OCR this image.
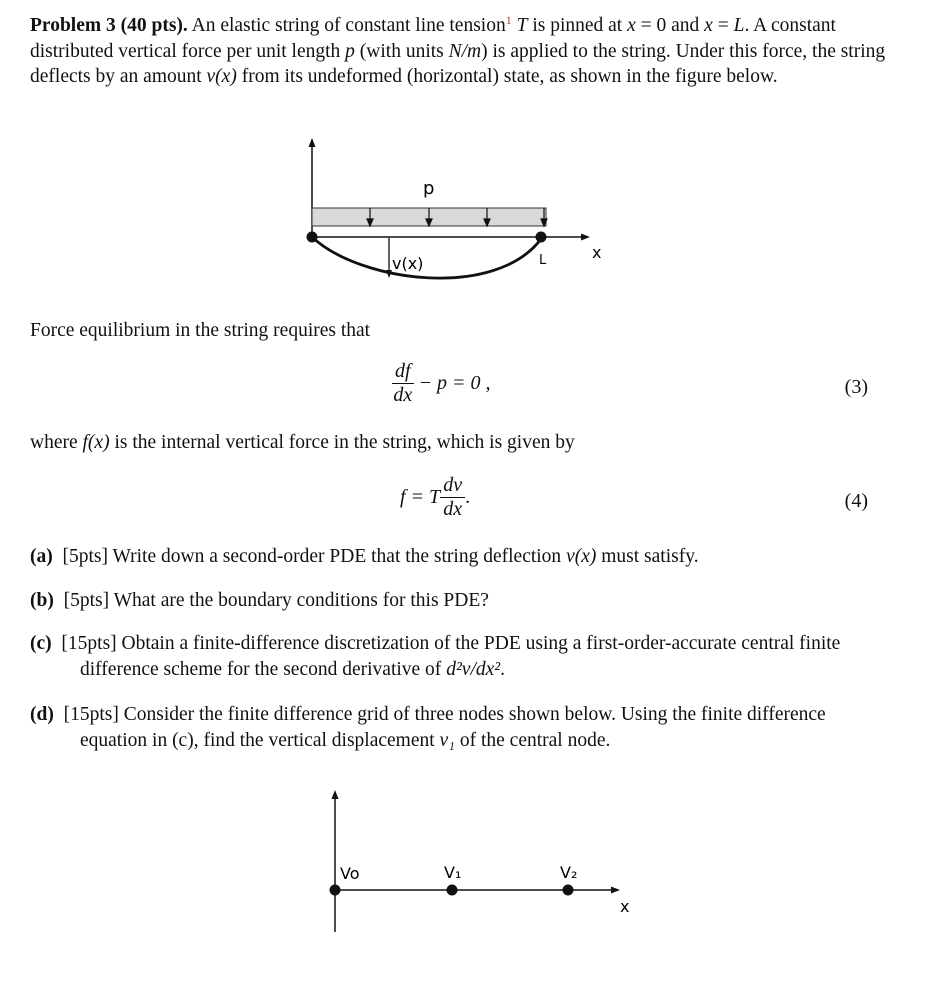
Problem 3 (40 pts). An elastic string of constant line tension$^1$ T is pinned at x = 0 and x = L. A constant distributed vertical force per unit length p (with units N/m) is applied to the string. Under this force, the string deflects by an amount v(x) from its undeformed (horizontal) state, as shown in the figure below.

p
x
v(x)	L

Force equilibrium in the string requires that

$\frac{df}{dx} - p = 0$ ,	(3)

where f(x) is the internal vertical force in the string, which is given by

f = T $\frac{dv}{dx}$ .	(4)
(a) [5pts] Write down a second-order PDE that the string deflection v(x) must satisfy.
(b) [5pts] What are the boundary conditions for this PDE?
(c) [15pts] Obtain a finite-difference discretization of the PDE using a first-order-accurate central finite difference scheme for the second derivative of d²v/dx².
(d) [15pts] Consider the finite difference grid of three nodes shown below. Using the finite difference equation in (c), find the vertical displacement v₁ of the central node.
x
Vo	V₁	V₂
